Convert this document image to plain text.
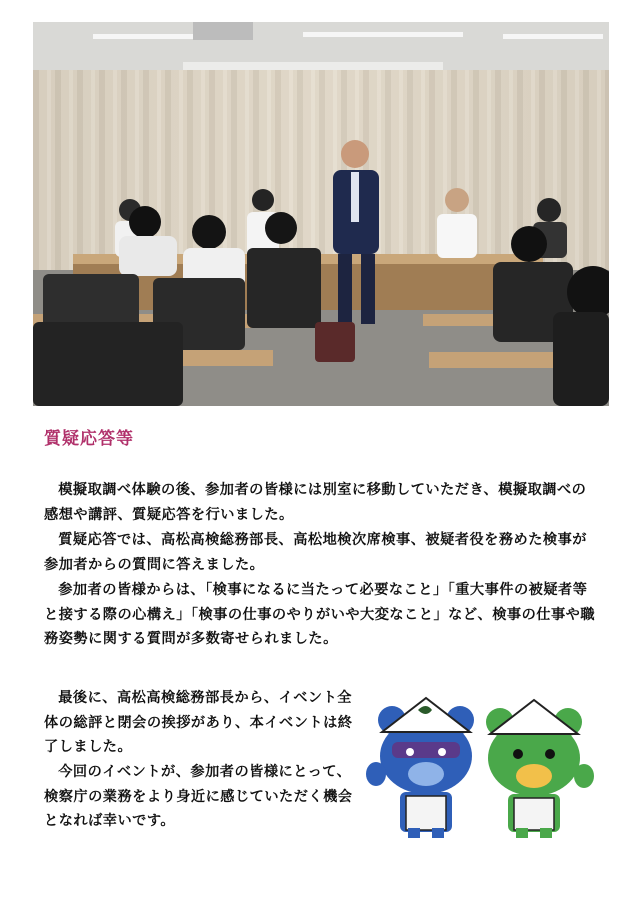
質疑応答等

模擬取調べ体験の後、参加者の皆様には別室に移動していただき、模擬取調べの感想や講評、質疑応答を行いました。

質疑応答では、高松高検総務部長、高松地検次席検事、被疑者役を務めた検事が参加者からの質問に答えました。

参加者の皆様からは、「検事になるに当たって必要なこと」「重大事件の被疑者等と接する際の心構え」「検事の仕事のやりがいや大変なこと」など、検事の仕事や職務姿勢に関する質問が多数寄せられました。

最後に、高松高検総務部長から、イベント全体の総評と閉会の挨拶があり、本イベントは終了しました。

今回のイベントが、参加者の皆様にとって、検察庁の業務をより身近に感じていただく機会となれば幸いです。
